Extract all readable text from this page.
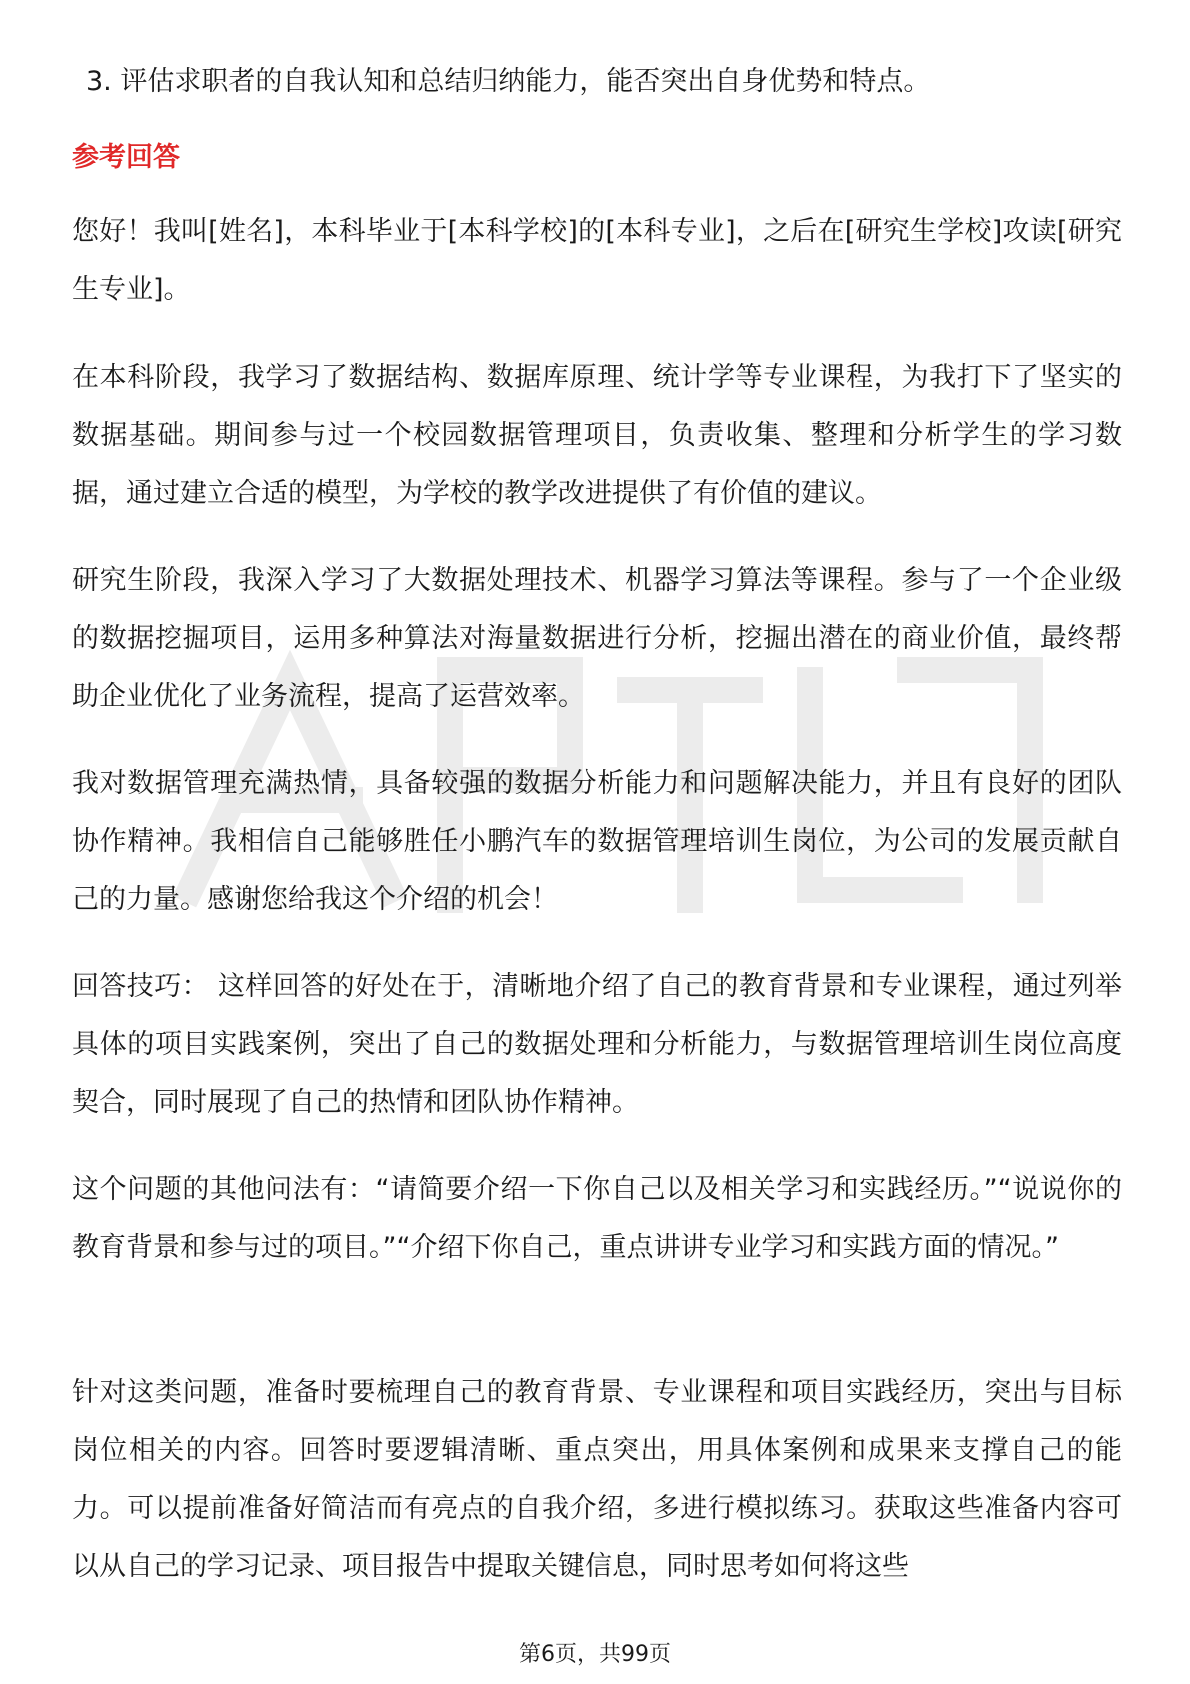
3. 评估求职者的自我认知和总结归纳能力，能否突出自身优势和特点。
参考回答

您好！我叫[姓名]，本科毕业于[本科学校]的[本科专业]，之后在[研究生学校]攻读[研究生专业]。

在本科阶段，我学习了数据结构、数据库原理、统计学等专业课程，为我打下了坚实的数据基础。期间参与过一个校园数据管理项目，负责收集、整理和分析学生的学习数据，通过建立合适的模型，为学校的教学改进提供了有价值的建议。

研究生阶段，我深入学习了大数据处理技术、机器学习算法等课程。参与了一个企业级的数据挖掘项目，运用多种算法对海量数据进行分析，挖掘出潜在的商业价值，最终帮助企业优化了业务流程，提高了运营效率。

我对数据管理充满热情，具备较强的数据分析能力和问题解决能力，并且有良好的团队协作精神。我相信自己能够胜任小鹏汽车的数据管理培训生岗位，为公司的发展贡献自己的力量。感谢您给我这个介绍的机会！

回答技巧： 这样回答的好处在于，清晰地介绍了自己的教育背景和专业课程，通过列举具体的项目实践案例，突出了自己的数据处理和分析能力，与数据管理培训生岗位高度契合，同时展现了自己的热情和团队协作精神。

这个问题的其他问法有：“请简要介绍一下你自己以及相关学习和实践经历。”“说说你的教育背景和参与过的项目。”“介绍下你自己，重点讲讲专业学习和实践方面的情况。”

针对这类问题，准备时要梳理自己的教育背景、专业课程和项目实践经历，突出与目标岗位相关的内容。回答时要逻辑清晰、重点突出，用具体案例和成果来支撑自己的能力。可以提前准备好简洁而有亮点的自我介绍，多进行模拟练习。获取这些准备内容可以从自己的学习记录、项目报告中提取关键信息，同时思考如何将这些

第6页，共99页
